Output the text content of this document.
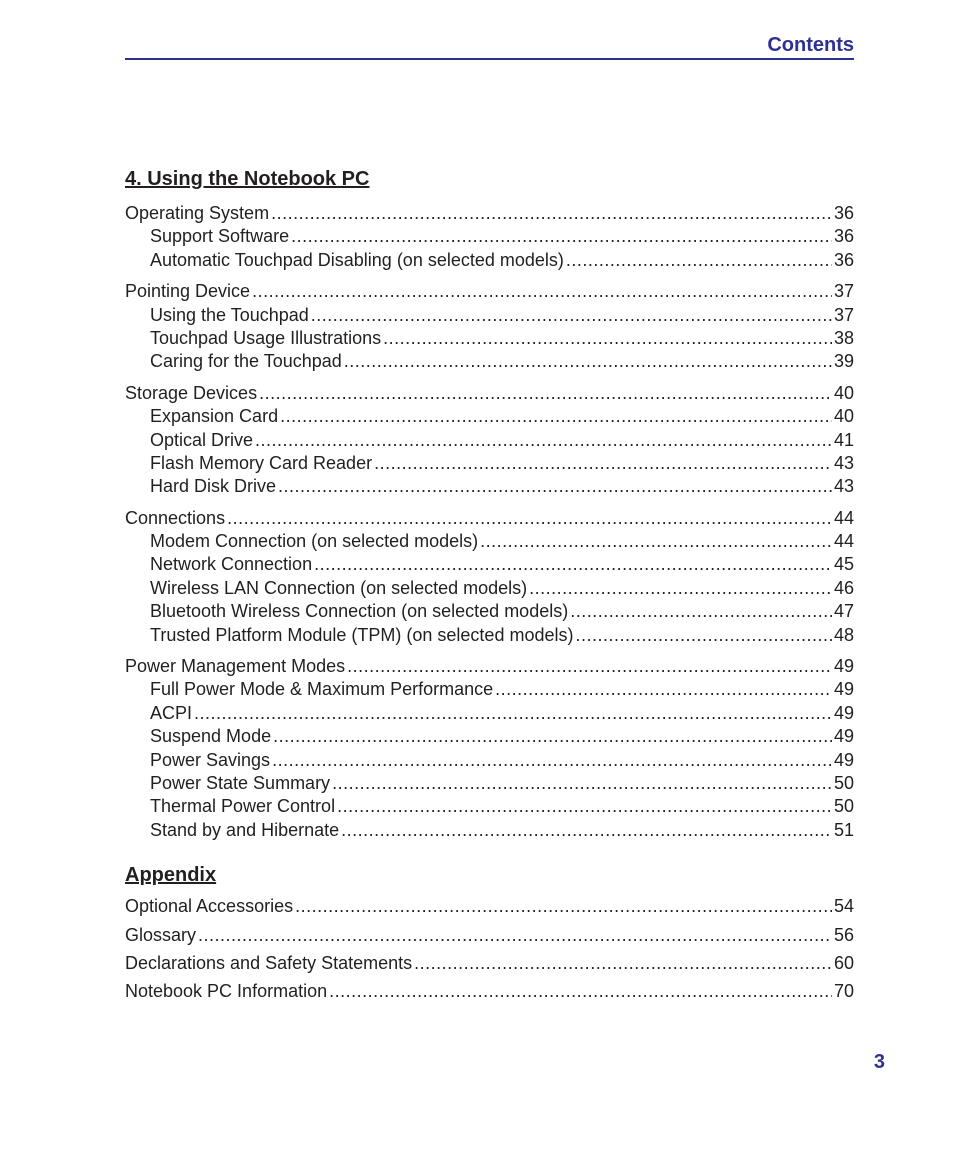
Contents
4. Using the Notebook PC
Operating System .....	36
Support Software .....	36
Automatic Touchpad Disabling (on selected models) .....	36
Pointing Device .....	37
Using the Touchpad .....	37
Touchpad Usage Illustrations .....	38
Caring for the Touchpad .....	39
Storage Devices .....	40
Expansion Card .....	40
Optical Drive .....	41
Flash Memory Card Reader .....	43
Hard Disk Drive .....	43
Connections .....	44
Modem Connection (on selected models) .....	44
Network Connection .....	45
Wireless LAN Connection (on selected models) .....	46
Bluetooth Wireless Connection (on selected models) .....	47
Trusted Platform Module (TPM) (on selected models) .....	48
Power Management Modes .....	49
Full Power Mode & Maximum Performance .....	49
ACPI .....	49
Suspend Mode .....	49
Power Savings .....	49
Power State Summary .....	50
Thermal Power Control .....	50
Stand by and Hibernate .....	51
Appendix
Optional Accessories .....	54
Glossary .....	56
Declarations and Safety Statements .....	60
Notebook PC Information .....	70
3
